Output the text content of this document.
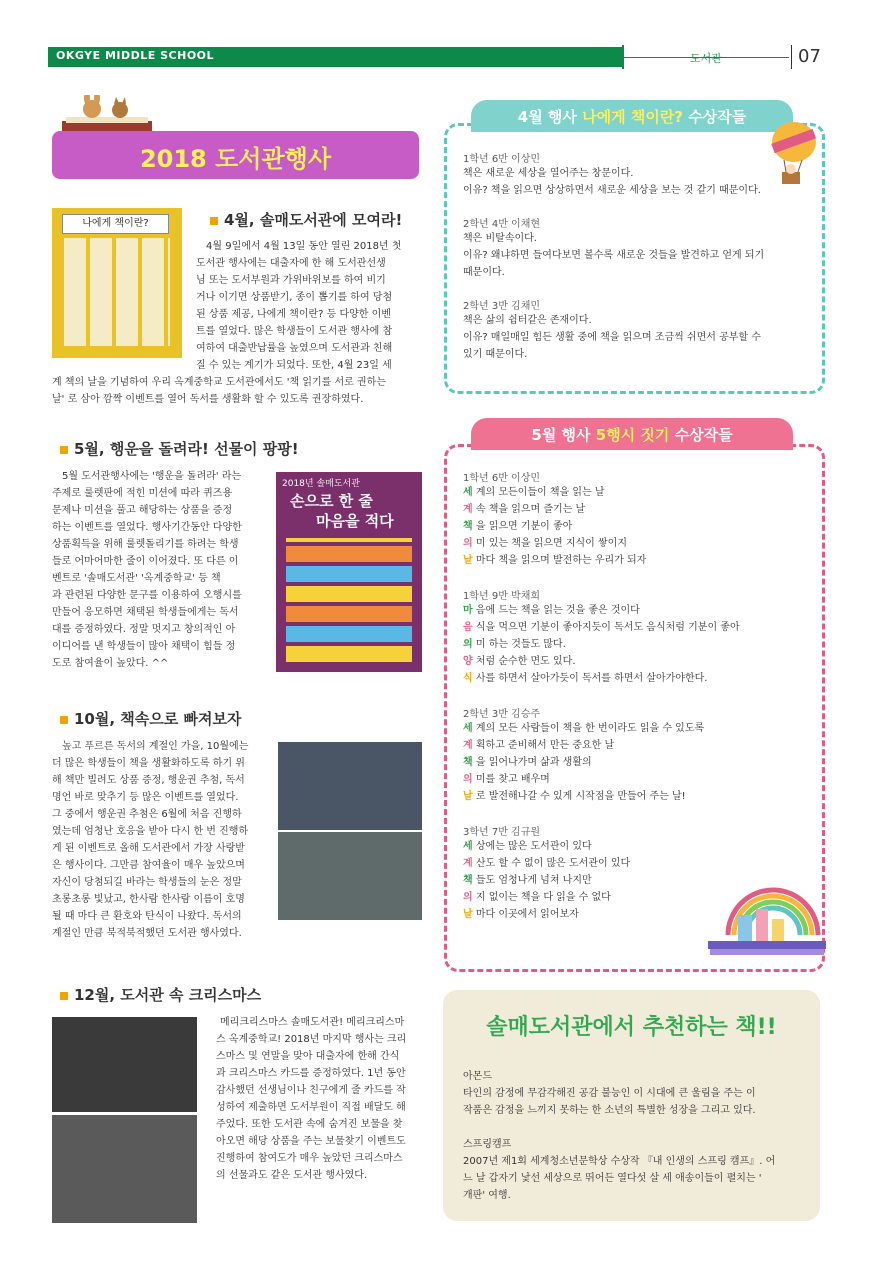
OKGYE MIDDLE SCHOOL	도서관	07
2018 도서관행사
나에게 책이란?	4월, 솔매도서관에 모여라!
4월 9일에서 4월 13일 동안 열린 2018년 첫
도서관 행사에는 대출자에 한 해 도서관선생
님 또는 도서부원과 가위바위보를 하여 비기
거나 이기면 상품받기, 종이 뽑기를 하여 당첨
된 상품 제공, 나에게 책이란? 등 다양한 이벤
트를 열었다. 많은 학생들이 도서관 행사에 참
여하여 대출반납률을 높였으며 도서관과 친해
질 수 있는 계기가 되었다. 또한, 4월 23일 세
계 책의 날을 기념하여 우리 옥계중학교 도서관에서도 '책 읽기를 서로 권하는
날' 로 삼아 깜짝 이벤트를 열어 독서를 생활화 할 수 있도록 권장하였다.
5월, 행운을 돌려라! 선물이 팡팡!
5월 도서관행사에는 '행운을 돌려라' 라는
주제로 룰렛판에 적힌 미션에 따라 퀴즈용
문제나 미션을 풀고 해당하는 상품을 증정
하는 이벤트를 열었다. 행사기간동안 다양한
상품획득을 위해 룰렛돌리기를 하려는 학생
들로 어마어마한 줄이 이어졌다. 또 다른 이
벤트로 '솔매도서관' '옥계중학교' 등 책
과 관련된 다양한 문구를 이용하여 오행시를
만들어 응모하면 채택된 학생들에게는 독서
대를 증정하였다. 정말 멋지고 창의적인 아
이디어를 낸 학생들이 많아 채택이 힘들 정
도로 참여율이 높았다. ^^
2018년 솔매도서관
손으로 한 줄
마음을 적다
10월, 책속으로 빠져보자
높고 푸르른 독서의 계절인 가을, 10월에는
더 많은 학생들이 책을 생활화하도록 하기 위
해 책만 빌려도 상품 증정, 행운권 추첨, 독서
명언 바로 맞추기 등 많은 이벤트를 열었다.
그 중에서 행운권 추첨은 6월에 처음 진행하
였는데 엄청난 호응을 받아 다시 한 번 진행하
게 된 이벤트로 올해 도서관에서 가장 사랑받
은 행사이다. 그만큼 참여율이 매우 높았으며
자신이 당첨되길 바라는 학생들의 눈은 정말
초롱초롱 빛났고, 한사람 한사람 이름이 호명
될 때 마다 큰 환호와 탄식이 나왔다. 독서의
계절인 만큼 북적북적했던 도서관 행사였다.
12월, 도서관 속 크리스마스
메리크리스마스 솔매도서관! 메리크리스마
스 옥계중학교! 2018년 마지막 행사는 크리
스마스 및 연말을 맞아 대출자에 한해 간식
과 크리스마스 카드를 증정하였다. 1년 동안
감사했던 선생님이나 친구에게 줄 카드를 작
성하여 제출하면 도서부원이 직접 배달도 해
주었다. 또한 도서관 속에 숨겨진 보물을 찾
아오면 해당 상품을 주는 보물찾기 이벤트도
진행하여 참여도가 매우 높았던 크리스마스
의 선물과도 같은 도서관 행사였다.
4월 행사 나에게 책이란? 수상작들
1학년 6반 이상민
책은 새로운 세상을 열어주는 창문이다.
이유? 책을 읽으면 상상하면서 새로운 세상을 보는 것 같기 때문이다.
2학년 4반 이채현
책은 비탈속이다.
이유? 왜냐하면 들여다보면 볼수록 새로운 것들을 발견하고 얻게 되기
때문이다.
2학년 3반 김채민
책은 삶의 쉼터같은 존재이다.
이유? 매일매일 힘든 생활 중에 책을 읽으며 조금씩 쉬면서 공부할 수
있기 때문이다.
5월 행사 5행시 짓기 수상작들
1학년 6반 이상민
세 계의 모든이들이 책을 읽는 날
계 속 책을 읽으며 즐기는 날
책 을 읽으면 기분이 좋아
의 미 있는 책을 읽으면 지식이 쌓이지
날 마다 책을 읽으며 발전하는 우리가 되자
1학년 9반 박채희
마 음에 드는 책을 읽는 것을 좋은 것이다
음 식을 먹으면 기분이 좋아지듯이 독서도 음식처럼 기분이 좋아
의 미 하는 것들도 많다.
양 처럼 순수한 면도 있다.
식 사를 하면서 살아가듯이 독서를 하면서 살아가야한다.
2학년 3반 김승주
세 계의 모든 사람들이 책을 한 번이라도 읽을 수 있도록
계 획하고 준비해서 만든 중요한 날
책 을 읽어나가며 삶과 생활의
의 미를 찾고 배우며
날 로 발전해나갈 수 있게 시작점을 만들어 주는 날!
3학년 7반 김규원
세 상에는 많은 도서관이 있다
계 산도 할 수 없이 많은 도서관이 있다
책 들도 엄청나게 넘쳐 나지만
의 지 없이는 책을 다 읽을 수 없다
날 마다 이곳에서 읽어보자
솔매도서관에서 추천하는 책!!
아몬드
타인의 감정에 무감각해진 공감 불능인 이 시대에 큰 울림을 주는 이
작품은 감정을 느끼지 못하는 한 소년의 특별한 성장을 그리고 있다.
스프링캠프
2007년 제1회 세계청소년문학상 수상작 『내 인생의 스프링 캠프』. 어
느 날 갑자기 낯선 세상으로 뛰어든 열다섯 살 세 애송이들이 펼치는 '
개판' 여행.
